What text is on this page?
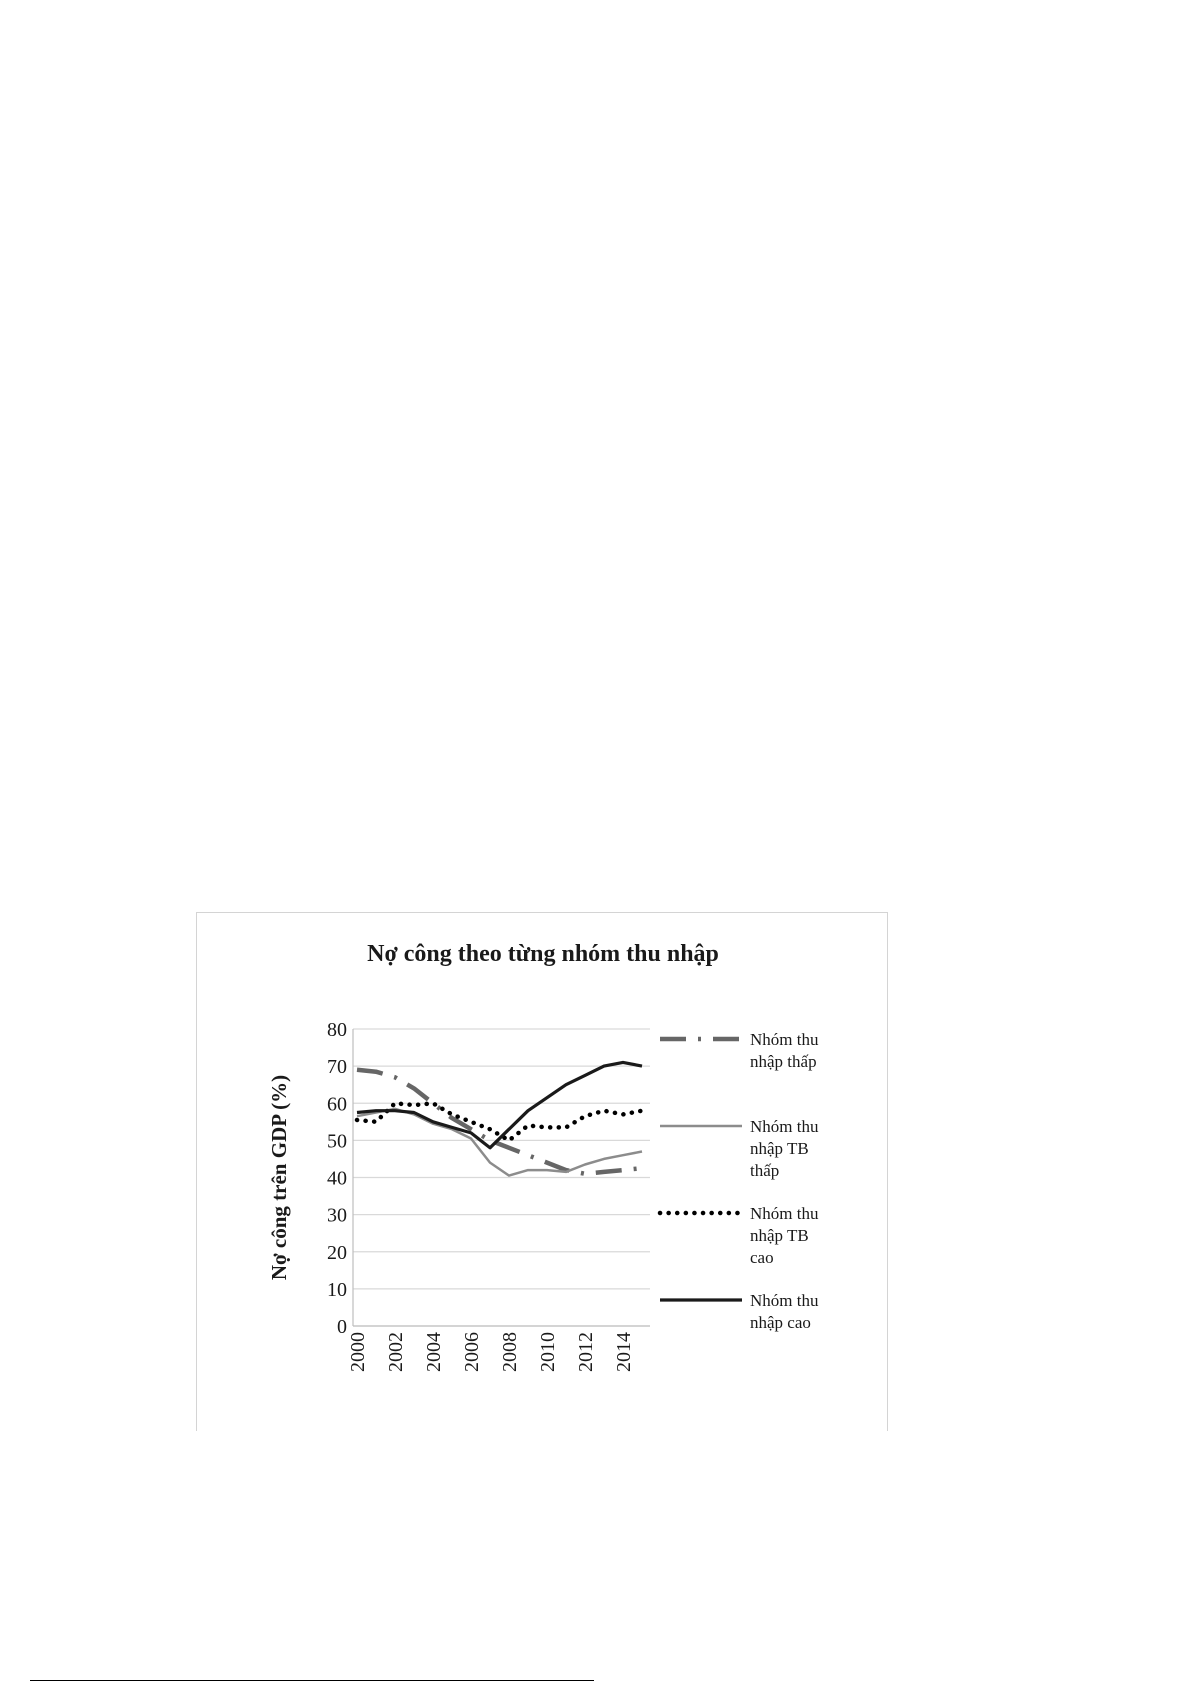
Nợ công theo từng nhóm thu nhập
0
10
20
30
40
50
60
70
80
2000 2002 2004 2006 2008 2010 2012 2014
Nợ công trên GDP (%)
Nhóm thu
nhập thấp
Nhóm thu
nhập TB
thấp
Nhóm thu
nhập TB
cao
Nhóm thu
nhập cao
